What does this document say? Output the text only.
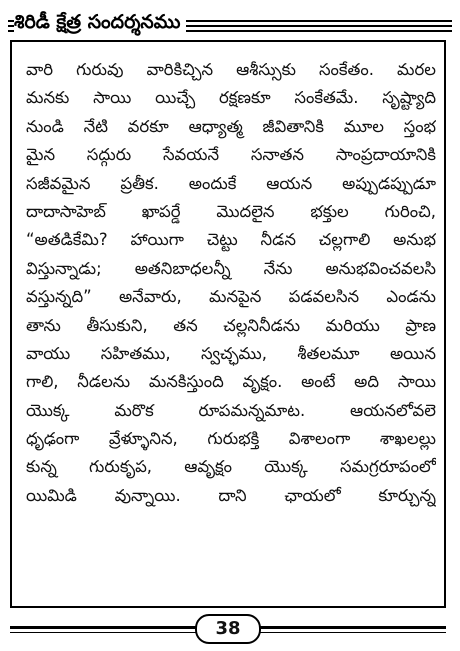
శిరిడీ క్షేత్ర సందర్శనము
వారి గురువు వారికిచ్చిన ఆశీస్సుకు సంకేతం. మరల
మనకు సాయి యిచ్చే రక్షణకూ సంకేతమే. సృష్ట్యాది
నుండి నేటి వరకూ ఆధ్యాత్మ జీవితానికి మూల స్తంభ
మైన సద్గురు సేవయనే సనాతన సాంప్రదాయానికి
సజీవమైన ప్రతీక. అందుకే ఆయన అప్పుడప్పుడూ
దాదాసాహెబ్ ఖాపర్డే మొదలైన భక్తుల గురించి,
“అతడికేమి? హాయిగా చెట్టు నీడన చల్లగాలి అనుభ
విస్తున్నాడు; అతనిబాధలన్నీ నేను అనుభవించవలసి
వస్తున్నది” అనేవారు, మనపైన పడవలసిన ఎండను
తాను తీసుకుని, తన చల్లనినీడను మరియు ప్రాణ
వాయు సహితము, స్వచ్ఛము, శీతలమూ అయిన
గాలి, నీడలను మనకిస్తుంది వృక్షం. అంటే అది సాయి
యొక్క మరొక రూపమన్నమాట. ఆయనలోవలె
ధృఢంగా వ్రేళ్ళూనిన, గురుభక్తి విశాలంగా శాఖలల్లు
కున్న గురుకృప, ఆవృక్షం యొక్క సమగ్రరూపంలో
యిమిడి వున్నాయి. దాని ఛాయలో కూర్చున్న
38
